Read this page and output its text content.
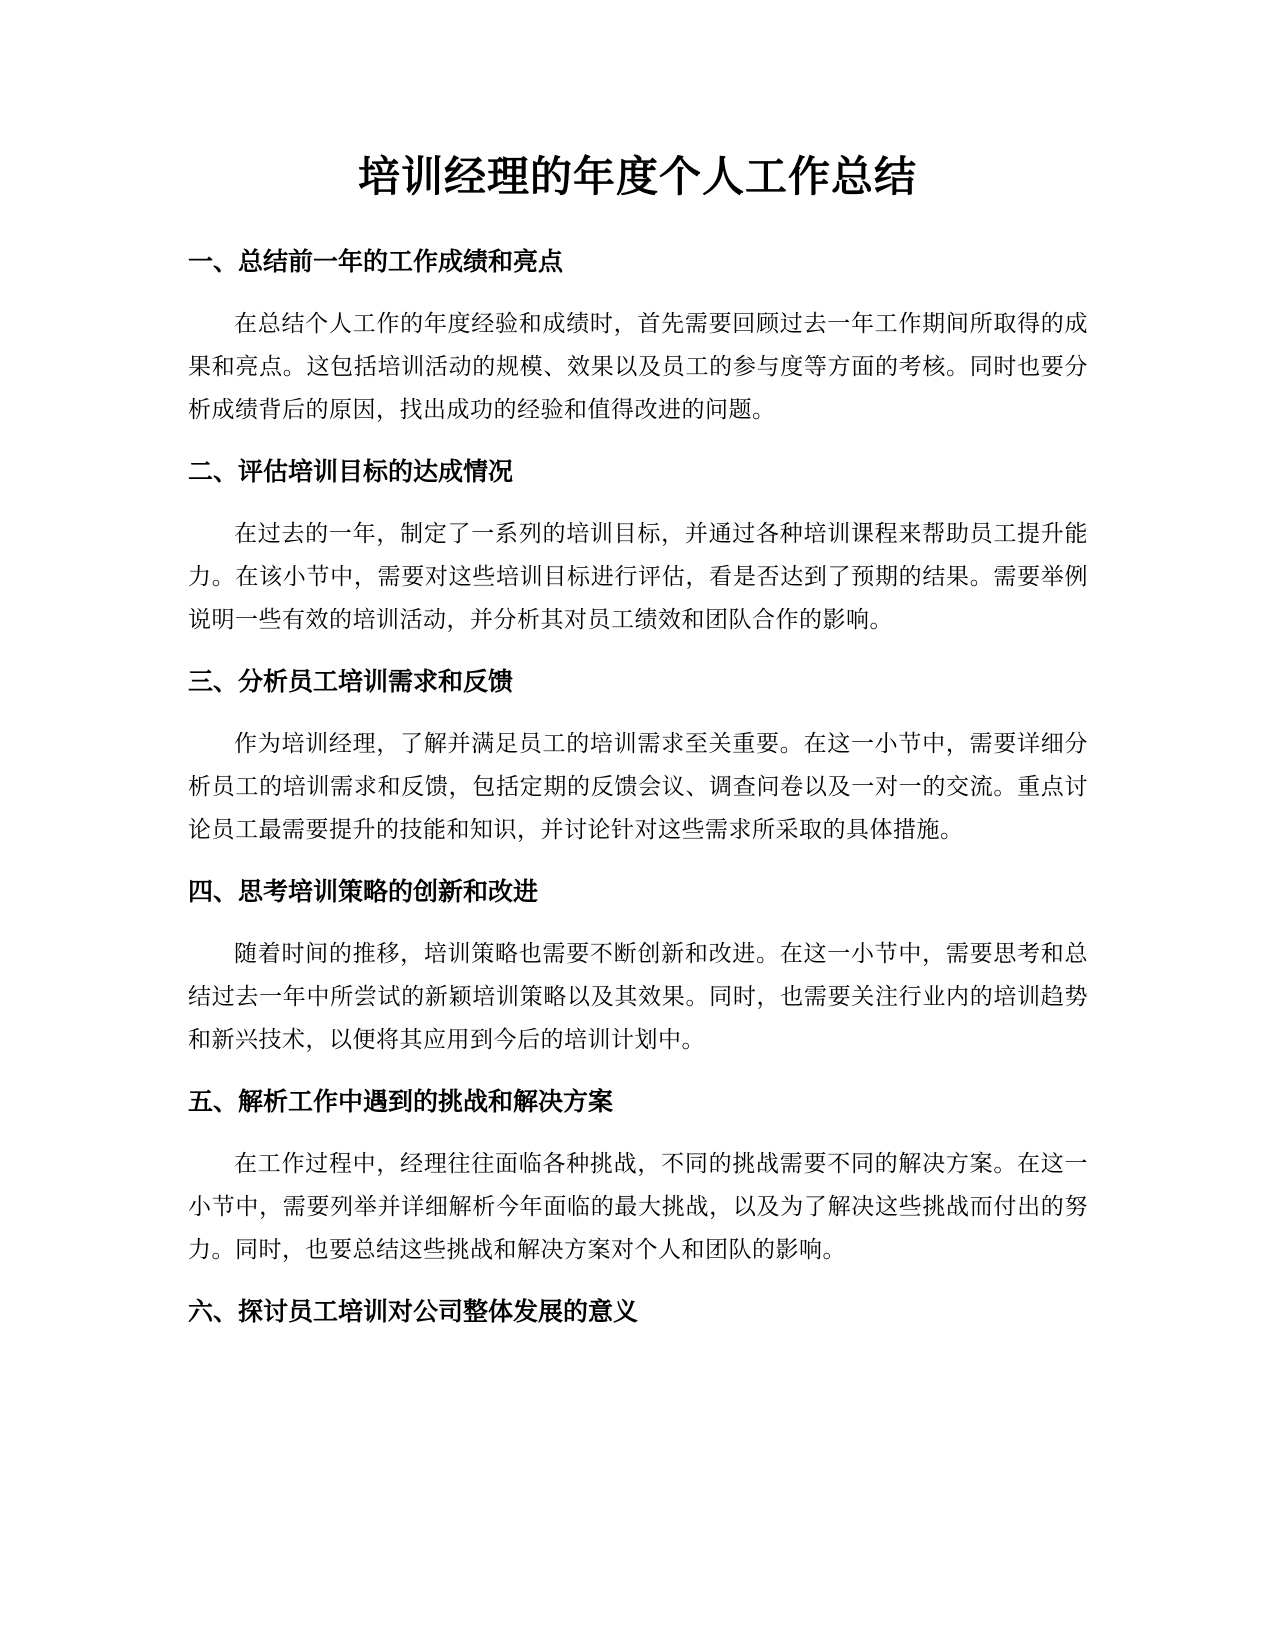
培训经理的年度个人工作总结
一、总结前一年的工作成绩和亮点

在总结个人工作的年度经验和成绩时，首先需要回顾过去一年工作期间所取得的成果和亮点。这包括培训活动的规模、效果以及员工的参与度等方面的考核。同时也要分析成绩背后的原因，找出成功的经验和值得改进的问题。

二、评估培训目标的达成情况

在过去的一年，制定了一系列的培训目标，并通过各种培训课程来帮助员工提升能力。在该小节中，需要对这些培训目标进行评估，看是否达到了预期的结果。需要举例说明一些有效的培训活动，并分析其对员工绩效和团队合作的影响。

三、分析员工培训需求和反馈

作为培训经理，了解并满足员工的培训需求至关重要。在这一小节中，需要详细分析员工的培训需求和反馈，包括定期的反馈会议、调查问卷以及一对一的交流。重点讨论员工最需要提升的技能和知识，并讨论针对这些需求所采取的具体措施。

四、思考培训策略的创新和改进

随着时间的推移，培训策略也需要不断创新和改进。在这一小节中，需要思考和总结过去一年中所尝试的新颖培训策略以及其效果。同时，也需要关注行业内的培训趋势和新兴技术，以便将其应用到今后的培训计划中。

五、解析工作中遇到的挑战和解决方案

在工作过程中，经理往往面临各种挑战，不同的挑战需要不同的解决方案。在这一小节中，需要列举并详细解析今年面临的最大挑战，以及为了解决这些挑战而付出的努力。同时，也要总结这些挑战和解决方案对个人和团队的影响。

六、探讨员工培训对公司整体发展的意义
